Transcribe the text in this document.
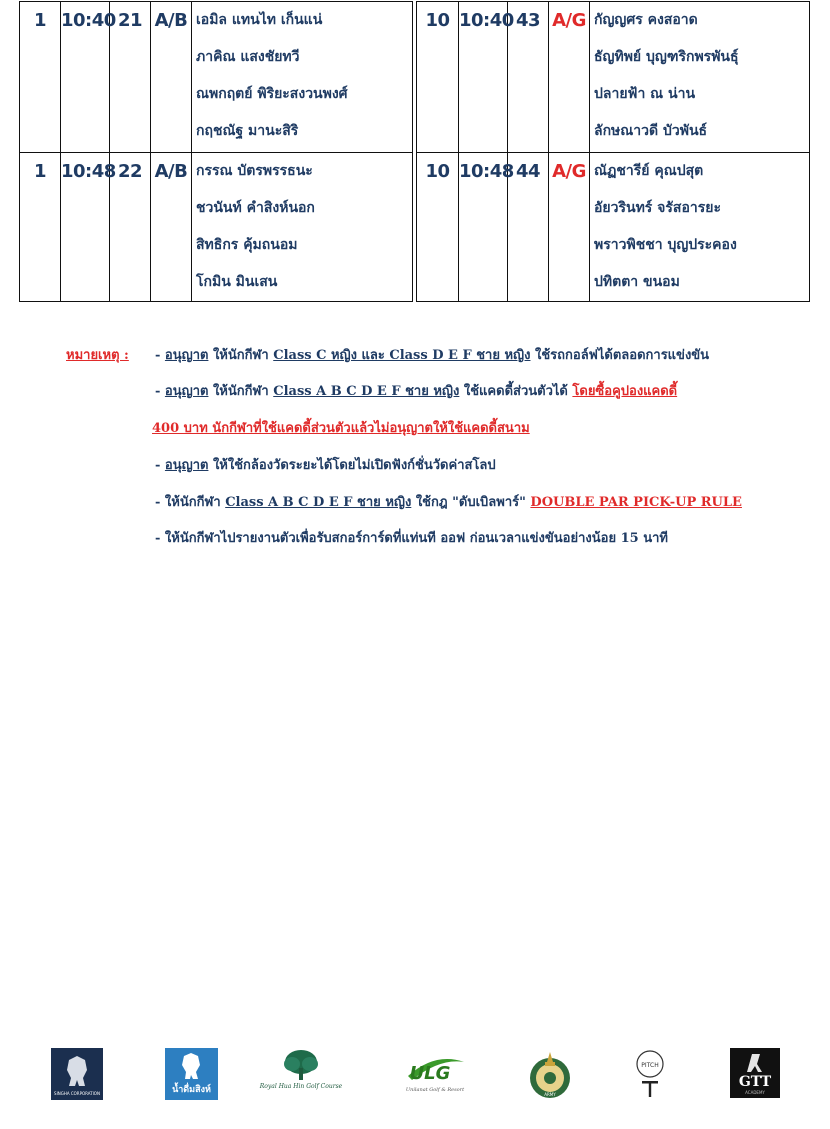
1	10:40	21	A/B	เอมิล แทนไท เก็นแน่
ภาคิณ แสงชัยทวี
ณพกฤตย์ พิริยะสงวนพงศ์
กฤชณัฐ มานะสิริ

1	10:48	22	A/B	กรรณ บัตรพรรธนะ
ชวนันท์ คำสิงห์นอก
สิทธิกร คุ้มถนอม
โกมิน มินเสน
10	10:40	43	A/G	กัญญศร คงสอาด
ธัญทิพย์ บุญฑริกพรพันธุ์
ปลายฟ้า ณ น่าน
ลักษณาวดี บัวพันธ์

10	10:48	44	A/G	ณัฏชารีย์ คุณปสุต
อัยวรินทร์ จรัสอารยะ
พราวพิชชา บุญประคอง
ปทิตตา ขนอม
หมายเหตุ : - อนุญาต ให้นักกีฬา Class C หญิง และ Class D E F ชาย หญิง ใช้รถกอล์ฟได้ตลอดการแข่งขัน
- อนุญาต ให้นักกีฬา Class A B C D E F ชาย หญิง ใช้แคดดี้ส่วนตัวได้ โดยซื้อคูปองแคดดี้
400 บาท นักกีฬาที่ใช้แคดดี้ส่วนตัวแล้วไม่อนุญาตให้ใช้แคดดี้สนาม
- อนุญาต ให้ใช้กล้องวัดระยะได้โดยไม่เปิดฟังก์ชั่นวัดค่าสโลป
- ให้นักกีฬา Class A B C D E F ชาย หญิง ใช้กฎ "ดับเบิลพาร์" DOUBLE PAR PICK-UP RULE
- ให้นักกีฬาไปรายงานตัวเพื่อรับสกอร์การ์ดที่แท่นที ออฟ ก่อนเวลาแข่งขันอย่างน้อย 15 นาที
SINGHA CORPORATION	น้ำดื่มสิงห์	Royal Hua Hin Golf Course
ULG
Unilanat Golf & Resort
ARMY
PITCH
GTT
ACADEMY
